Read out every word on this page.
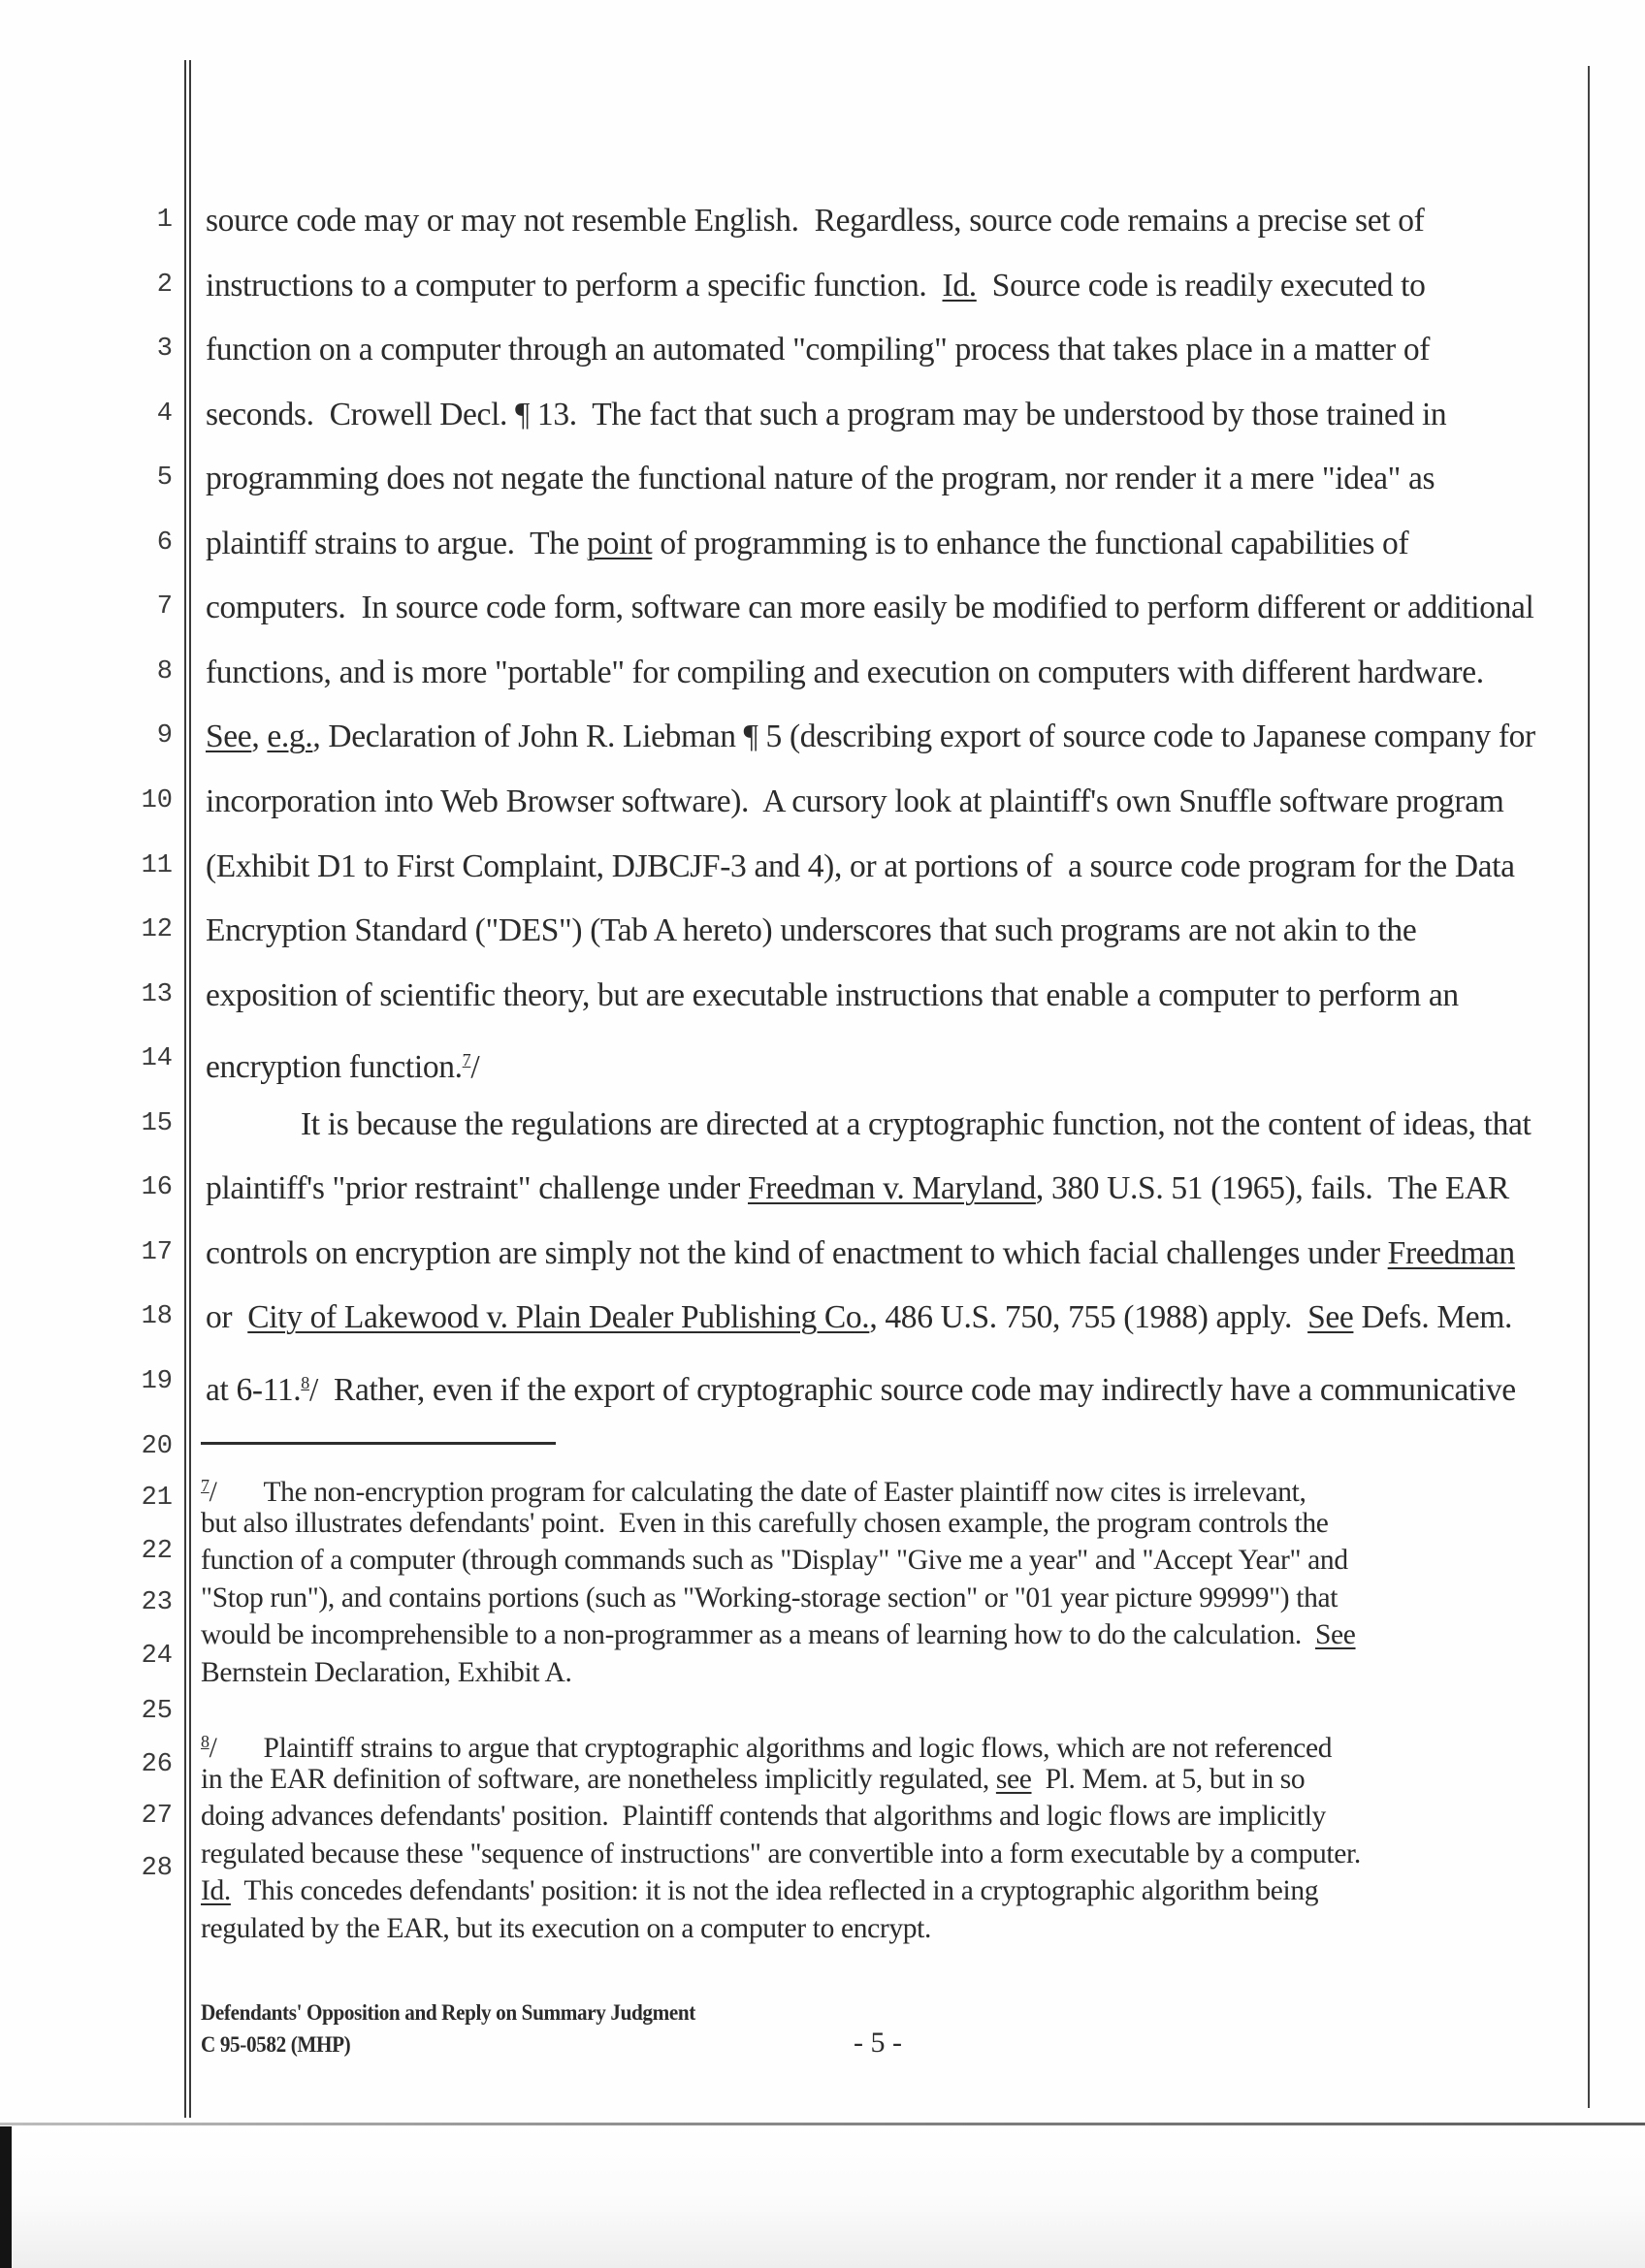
1
2
3
4
5
6
7
8
9
10
11
12
13
14
15
16
17
18
19
20
21
22
23
24
25
26
27
28
source code may or may not resemble English.  Regardless, source code remains a precise set of
instructions to a computer to perform a specific function.  Id.  Source code is readily executed to
function on a computer through an automated "compiling" process that takes place in a matter of
seconds.  Crowell Decl. ¶ 13.  The fact that such a program may be understood by those trained in
programming does not negate the functional nature of the program, nor render it a mere "idea" as
plaintiff strains to argue.  The point of programming is to enhance the functional capabilities of
computers.  In source code form, software can more easily be modified to perform different or additional
functions, and is more "portable" for compiling and execution on computers with different hardware.
See, e.g., Declaration of John R. Liebman ¶ 5 (describing export of source code to Japanese company for
incorporation into Web Browser software).  A cursory look at plaintiff's own Snuffle software program
(Exhibit D1 to First Complaint, DJBCJF-3 and 4), or at portions of  a source code program for the Data
Encryption Standard ("DES") (Tab A hereto) underscores that such programs are not akin to the
exposition of scientific theory, but are executable instructions that enable a computer to perform an
encryption function.$^7$/
It is because the regulations are directed at a cryptographic function, not the content of ideas, that
plaintiff's "prior restraint" challenge under Freedman v. Maryland, 380 U.S. 51 (1965), fails.  The EAR
controls on encryption are simply not the kind of enactment to which facial challenges under Freedman
or  City of Lakewood v. Plain Dealer Publishing Co., 486 U.S. 750, 755 (1988) apply.  See Defs. Mem.
at 6-11.$^8$/  Rather, even if the export of cryptographic source code may indirectly have a communicative
$^7$/ The non-encryption program for calculating the date of Easter plaintiff now cites is irrelevant,
but also illustrates defendants' point.  Even in this carefully chosen example, the program controls the
function of a computer (through commands such as "Display" "Give me a year" and "Accept Year" and
"Stop run"), and contains portions (such as "Working-storage section" or "01 year picture 99999") that
would be incomprehensible to a non-programmer as a means of learning how to do the calculation.  See
Bernstein Declaration, Exhibit A.
$^8$/ Plaintiff strains to argue that cryptographic algorithms and logic flows, which are not referenced
in the EAR definition of software, are nonetheless implicitly regulated, see  Pl. Mem. at 5, but in so
doing advances defendants' position.  Plaintiff contends that algorithms and logic flows are implicitly
regulated because these "sequence of instructions" are convertible into a form executable by a computer.
Id.  This concedes defendants' position: it is not the idea reflected in a cryptographic algorithm being
regulated by the EAR, but its execution on a computer to encrypt.
Defendants' Opposition and Reply on Summary Judgment
C 95-0582 (MHP)	- 5 -
